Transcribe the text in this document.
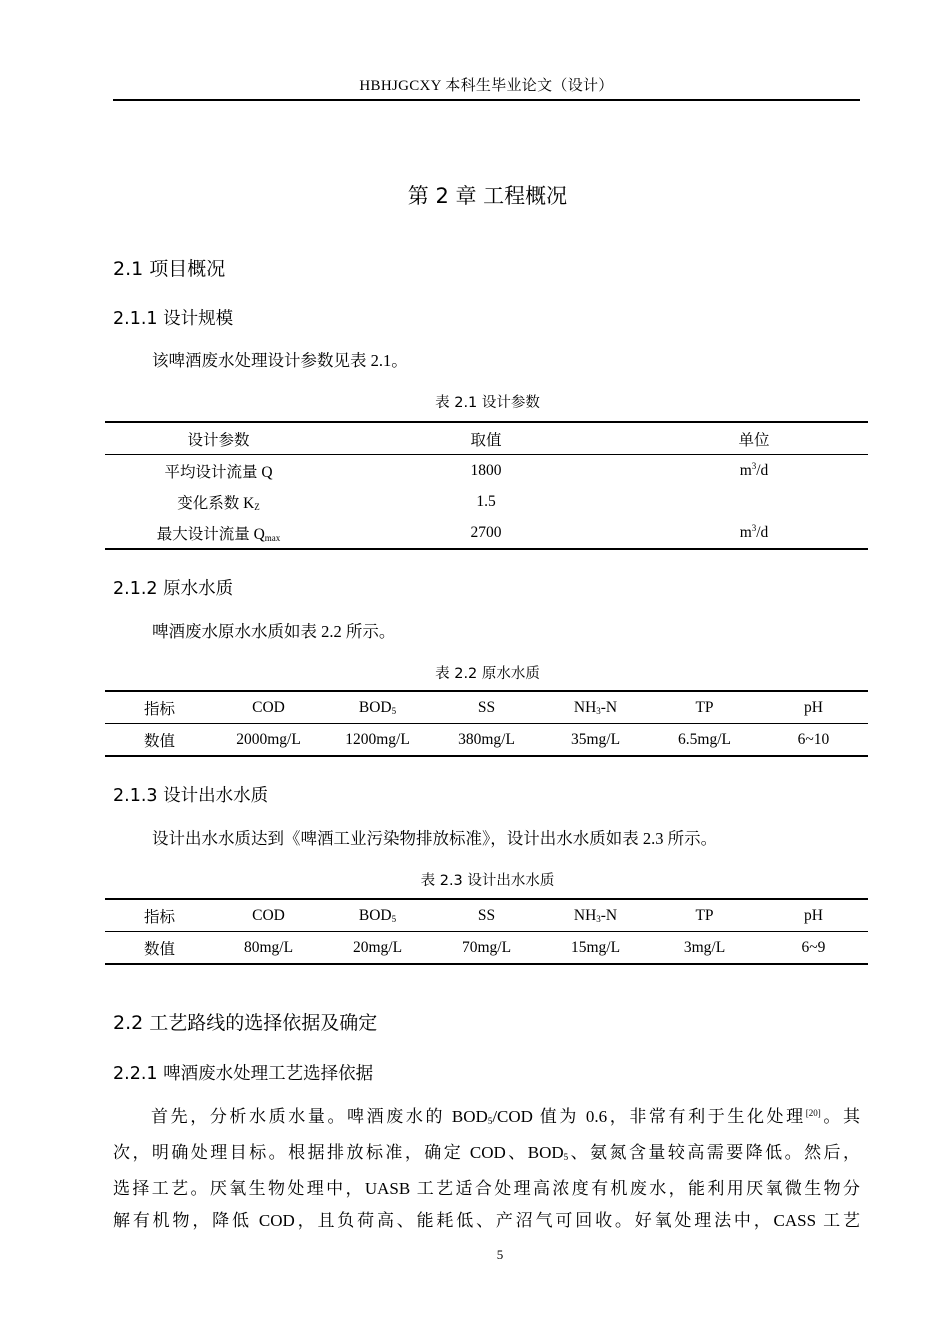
HBHJGCXY 本科生毕业论文（设计）
第 2 章 工程概况
2.1 项目概况
2.1.1 设计规模
该啤酒废水处理设计参数见表 2.1。
表 2.1 设计参数
设计参数	取值	单位
平均设计流量 Q	1800	$m^3/d$
变化系数 $K_Z$	1.5	
最大设计流量 $Q_{max}$	2700	$m^3/d$
2.1.2 原水水质
啤酒废水原水水质如表 2.2 所示。
表 2.2 原水水质
指标	COD	$BOD_5$	SS	$NH_3-N$	TP	pH
数值	2000mg/L	1200mg/L	380mg/L	35mg/L	6.5mg/L	6~10
2.1.3 设计出水水质
设计出水水质达到《啤酒工业污染物排放标准》，设计出水水质如表 2.3 所示。
表 2.3 设计出水水质
指标	COD	$BOD_5$	SS	$NH_3-N$	TP	pH
数值	80mg/L	20mg/L	70mg/L	15mg/L	3mg/L	6~9
2.2 工艺路线的选择依据及确定
2.2.1 啤酒废水处理工艺选择依据
首先，分析水质水量。啤酒废水的 $BOD_5$/COD 值为 0.6，非常有利于生化处理[20]。其
次，明确处理目标。根据排放标准，确定 COD、$BOD_5$、氨氮含量较高需要降低。然后，
选择工艺。厌氧生物处理中，UASB 工艺适合处理高浓度有机废水，能利用厌氧微生物分
解有机物，降低 COD，且负荷高、能耗低、产沼气可回收。好氧处理法中，CASS 工艺
5
